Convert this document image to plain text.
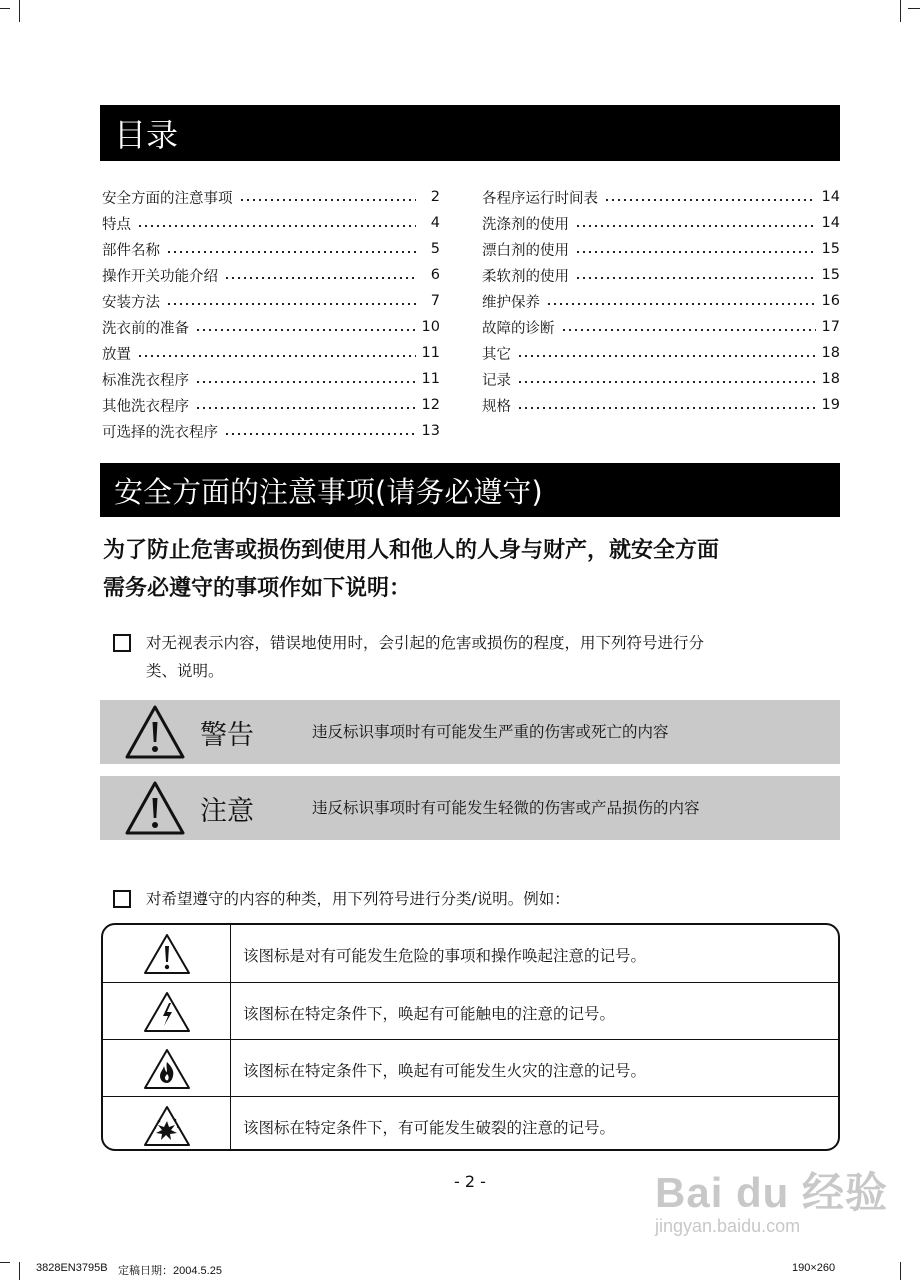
目录
安全方面的注意事项	2
特点	4
部件名称	5
操作开关功能介绍	6
安装方法	7
洗衣前的准备	10
放置	11
标准洗衣程序	11
其他洗衣程序	12
可选择的洗衣程序	13
各程序运行时间表	14
洗涤剂的使用	14
漂白剂的使用	15
柔软剂的使用	15
维护保养	16
故障的诊断	17
其它	18
记录	18
规格	19
安全方面的注意事项(请务必遵守)
为了防止危害或损伤到使用人和他人的人身与财产，就安全方面
需务必遵守的事项作如下说明：
对无视表示内容，错误地使用时，会引起的危害或损伤的程度，用下列符号进行分
类、说明。
警告	违反标识事项时有可能发生严重的伤害或死亡的内容
注意	违反标识事项时有可能发生轻微的伤害或产品损伤的内容
对希望遵守的内容的种类，用下列符号进行分类/说明。例如：
该图标是对有可能发生危险的事项和操作唤起注意的记号。
该图标在特定条件下，唤起有可能触电的注意的记号。
该图标在特定条件下，唤起有可能发生火灾的注意的记号。
该图标在特定条件下，有可能发生破裂的注意的记号。
- 2 -	Bai du 经验
jingyan.baidu.com
3828EN3795B 定稿日期：2004.5.25	190×260
